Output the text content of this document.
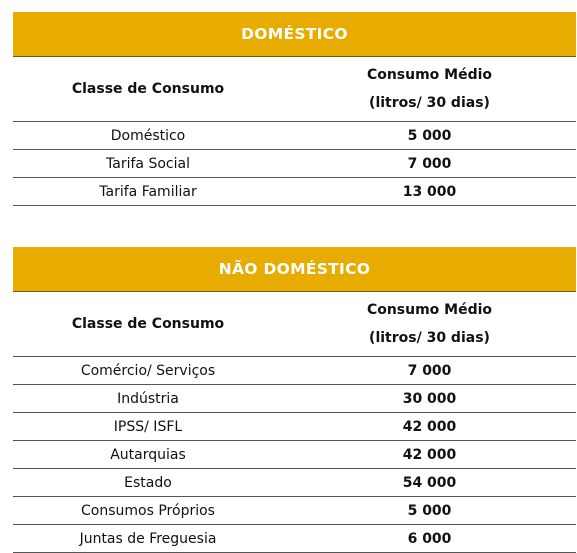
DOMÉSTICO	
Classe de Consumo	Consumo Médio
(litros/ 30 dias)

Doméstico	5 000
Tarifa Social	7 000
Tarifa Familiar	13 000
NÃO DOMÉSTICO	
Classe de Consumo	Consumo Médio
(litros/ 30 dias)

Comércio/ Serviços	7 000
Indústria	30 000
IPSS/ ISFL	42 000
Autarquias	42 000
Estado	54 000
Consumos Próprios	5 000
Juntas de Freguesia	6 000
